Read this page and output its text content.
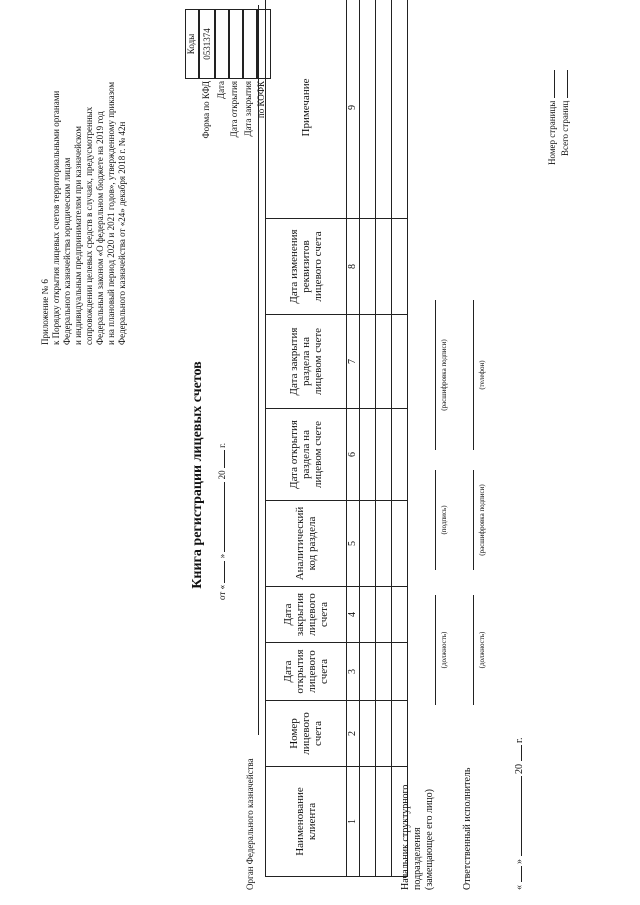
Приложение № 6 к Порядку открытия лицевых счетов территориальными органами Федерального казначейства юридическим лицам и индивидуальным предпринимателям при казначейском сопровождении целевых средств в случаях, предусмотренных Федеральным законом «О федеральном бюджете на 2019 год и на плановый период 2020 и 2021 годов», утвержденному приказом Федерального казначейства от «24» декабря 2018 г. № 42н
Книга регистрации лицевых счетов
от «  »  20  г.
Коды 0531374
Форма по КФД Дата Дата открытия Дата закрытия по КОФК
Орган Федерального казначейства	Наименование клиента	Номер лицевого счета	Дата открытия лицевого счета	Дата закрытия лицевого счета	Аналитический код раздела	Дата открытия раздела на лицевом счете	Дата закрытия раздела на лицевом счете	Дата изменения реквизитов лицевого счета	Примечание
1	2	3	4	5	6	7	8	9

Начальник структурного подразделения (замещающее его лицо)
(должность)
(подпись)
(расшифровка подписи)
Ответственный исполнитель
(должность)
(расшифровка подписи)
(телефон)
«  »  20  г.
Номер страницы Всего страниц
